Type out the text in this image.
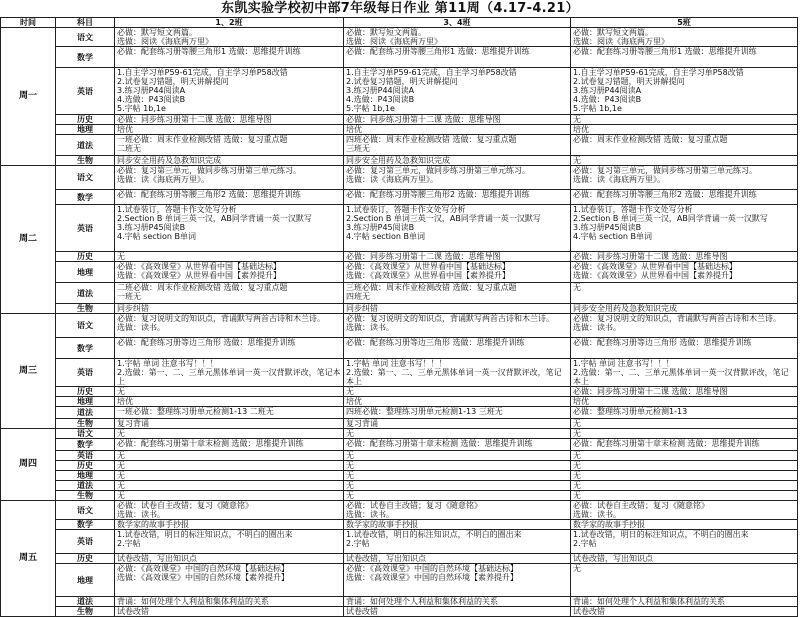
东凯实验学校初中部7年级每日作业 第11周（4.17-4.21）
时间	科目	1、2班	3、4班	5班
周一	语文	必做：默写短文两篇。
选做：阅读《海底两万里》	必做：默写短文两篇。
选做：阅读《海底两万里》	必做：默写短文两篇。
选做：阅读《海底两万里》

	数学	必做：配套练习册等腰三角形1 选做：思维提升训练	必做：配套练习册等腰三角形1 选做：思维提升训练	必做：配套练习册等腰三角形1 选做：思维提升训练

	英语	1.自主学习单P59-61完成，自主学习单P58改错
2.试卷复习错题，明天讲解提问
3.练习册P44阅读A
4.选做：P43阅读B
5.字帖 1b,1e	1.自主学习单P59-61完成，自主学习单P58改错
2.试卷复习错题，明天讲解提问
3.练习册P44阅读A
4.选做：P43阅读B
5.字帖 1b,1e	1.自主学习单P59-61完成，自主学习单P58改错
2.试卷复习错题，明天讲解提问
3.练习册P44阅读A
4.选做：P43阅读B
5.字帖 1b,1e

	历史	必做：同步练习册第十二课 选做：思维导图	必做：同步练习册第十二课 选做：思维导图	无

	地理	培优	培优	培优

	道法	一班必做：周末作业检测改错 选做：复习重点题
二班无	四班必做：周末作业检测改错 选做：复习重点题
三班无	必做：周末作业检测改错 选做：复习重点题

	生物	同步安全用药及急救知识完成	同步安全用药及急救知识完成	无

周二	语文	必做：复习第三单元，做同步练习册第三单元练习。
选做：读《海底两万里》。	必做：复习第三单元，做同步练习册第三单元练习。
选做：读《海底两万里》。	必做：复习第三单元，做同步练习册第三单元练习。
选做：读《海底两万里》。

	数学	必做：配套练习册等腰三角形2 选做：思维提升训练	必做：配套练习册等腰三角形2 选做：思维提升训练	必做：配套练习册等腰三角形2 选做：思维提升训练

	英语	1.试卷装订，答题卡作文处写分析
2.Section B 单词三英一汉，AB同学背诵一英一汉默写
3.练习册P45阅读B
4.字帖 section B单词	1.试卷装订，答题卡作文处写分析
2.Section B 单词三英一汉，AB同学背诵一英一汉默写
3.练习册P45阅读B
4.字帖 section B单词	1.试卷装订，答题卡作文处写分析
2.Section B 单词三英一汉，AB同学背诵一英一汉默写
3.练习册P45阅读B
4.字帖 section B单词

	历史	无	必做：同步练习册第十二课 选做：思维导图	必做：同步练习册第十二课 选做：思维导图

	地理	必做：《高效课堂》从世界看中国【基础达标】
选做：《高效课堂》从世界看中国【素养提升】	必做：《高效课堂》从世界看中国【基础达标】
选做：《高效课堂》从世界看中国【素养提升】	必做：《高效课堂》从世界看中国【基础达标】
选做：《高效课堂》从世界看中国【素养提升】

	道法	二班必做：周末作业检测改错 选做：复习重点题
一班无	三班必做：周末作业检测改错 选做：复习重点题
四班无	无

	生物	同步纠错	同步纠错	同步安全用药及急救知识完成

周三	语文	必做：复习说明文的知识点，背诵默写两首古诗和木兰诗。
选做：读书。	必做：复习说明文的知识点，背诵默写两首古诗和木兰诗。
选做：读书。	必做：复习说明文的知识点，背诵默写两首古诗和木兰诗。
选做：读书。

	数学	必做：配套练习册等边三角形 选做：思维提升训练	必做：配套练习册等边三角形 选做：思维提升训练	必做：配套练习册等边三角形 选做：思维提升训练

	英语	1.字帖 单词 注意书写！！！
2.选做：第一、二、三单元黑体单词一英一汉背默评改，笔记本上	1.字帖 单词 注意书写！！！
2.选做：第一、二、三单元黑体单词一英一汉背默评改，笔记本上	1.字帖 单词 注意书写！！！
2.选做：第一、二、三单元黑体单词一英一汉背默评改，笔记本上

	历史	无	无	必做：同步练习册第十二课 选做：思维导图

	地理	培优	培优	培优

	道法	一班必做：整理练习册单元检测1-13 二班无	四班必做：整理练习册单元检测1-13 三班无	必做：整理练习册单元检测1-13

	生物	复习背诵	复习背诵	无

周四	语文	无	无	无

	数学	必做：配套练习册第十章末检测 选做：思维提升训练	必做：配套练习册第十章末检测 选做：思维提升训练	必做：配套练习册第十章末检测 选做：思维提升训练

	英语	无	无	无

	历史	无	无	无

	地理	无	无	无

	道法	无	无	无

	生物	无	无	无

周五	语文	必做：试卷自主改错；复习《随意铭》
选做：读书。	必做：试卷自主改错；复习《随意铭》
选做：读书。	必做：试卷自主改错；复习《随意铭》
选做：读书。

	数学	数学家的故事手抄报	数学家的故事手抄报	数学家的故事手抄报

	英语	1.试卷改错，明日的标注知识点，不明白的圈出来
2.字帖	1.试卷改错，明日的标注知识点，不明白的圈出来
2.字帖	1.试卷改错，明日的标注知识点，不明白的圈出来
2.字帖

	历史	试卷改错，写出知识点	试卷改错，写出知识点	试卷改错，写出知识点

	地理	必做：《高效课堂》中国的自然环境【基础达标】
选做：《高效课堂》中国的自然环境【素养提升】	必做：《高效课堂》中国的自然环境【基础达标】
选做：《高效课堂》中国的自然环境【素养提升】	无

	道法	背诵：如何处理个人利益和集体利益的关系	背诵：如何处理个人利益和集体利益的关系	背诵：如何处理个人利益和集体利益的关系

	生物	试卷改错	试卷改错	试卷改错
